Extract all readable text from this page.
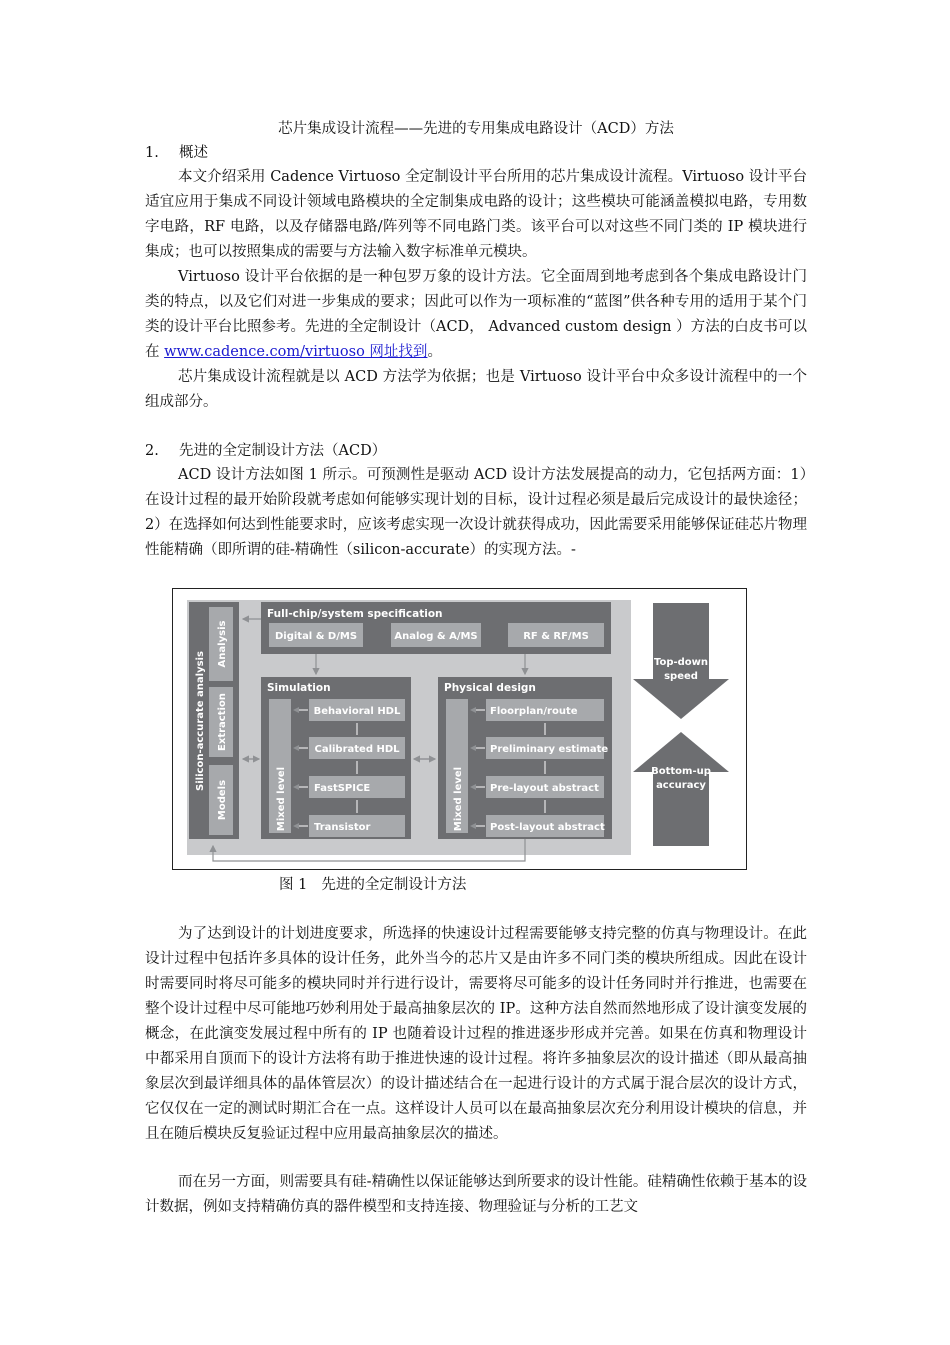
芯片集成设计流程——先进的专用集成电路设计（ACD）方法
1. 概述

本文介绍采用 Cadence Virtuoso 全定制设计平台所用的芯片集成设计流程。Virtuoso 设计平台适宜应用于集成不同设计领域电路模块的全定制集成电路的设计；这些模块可能涵盖模拟电路，专用数字电路，RF 电路，以及存储器电路/阵列等不同电路门类。该平台可以对这些不同门类的 IP 模块进行集成；也可以按照集成的需要与方法输入数字标准单元模块。

Virtuoso 设计平台依据的是一种包罗万象的设计方法。它全面周到地考虑到各个集成电路设计门类的特点，以及它们对进一步集成的要求；因此可以作为一项标准的“蓝图”供各种专用的适用于某个门类的设计平台比照参考。先进的全定制设计（ACD， Advanced custom design ）方法的白皮书可以在 www.cadence.com/virtuoso 网址找到。

芯片集成设计流程就是以 ACD 方法学为依据；也是 Virtuoso 设计平台中众多设计流程中的一个组成部分。

2. 先进的全定制设计方法（ACD）

ACD 设计方法如图 1 所示。可预测性是驱动 ACD 设计方法发展提高的动力，它包括两方面：1）在设计过程的最开始阶段就考虑如何能够实现计划的目标，设计过程必须是最后完成设计的最快途径；2）在选择如何达到性能要求时，应该考虑实现一次设计就获得成功，因此需要采用能够保证硅芯片物理性能精确（即所谓的硅-精确性（silicon-accurate）的实现方法。-

Silicon-accurate analysis
Analysis
Extraction
Models
Full-chip/system specification
Digital & D/MS	Analog & A/MS	RF & RF/MS
Simulation
Mixed level
Behavioral HDL
Calibrated HDL
FastSPICE
Transistor
Physical design
Mixed level
Floorplan/route
Preliminary estimate
Pre-layout abstract
Post-layout abstract
Top-down
speed
Bottom-up
accuracy
图 1 先进的全定制设计方法

为了达到设计的计划进度要求，所选择的快速设计过程需要能够支持完整的仿真与物理设计。在此设计过程中包括许多具体的设计任务，此外当今的芯片又是由许多不同门类的模块所组成。因此在设计时需要同时将尽可能多的模块同时并行进行设计，需要将尽可能多的设计任务同时并行推进，也需要在整个设计过程中尽可能地巧妙利用处于最高抽象层次的 IP。这种方法自然而然地形成了设计演变发展的概念，在此演变发展过程中所有的 IP 也随着设计过程的推进逐步形成并完善。如果在仿真和物理设计中都采用自顶而下的设计方法将有助于推进快速的设计过程。将许多抽象层次的设计描述（即从最高抽象层次到最详细具体的晶体管层次）的设计描述结合在一起进行设计的方式属于混合层次的设计方式，它仅仅在一定的测试时期汇合在一点。这样设计人员可以在最高抽象层次充分利用设计模块的信息，并且在随后模块反复验证过程中应用最高抽象层次的描述。

而在另一方面，则需要具有硅-精确性以保证能够达到所要求的设计性能。硅精确性依赖于基本的设计数据，例如支持精确仿真的器件模型和支持连接、物理验证与分析的工艺文
